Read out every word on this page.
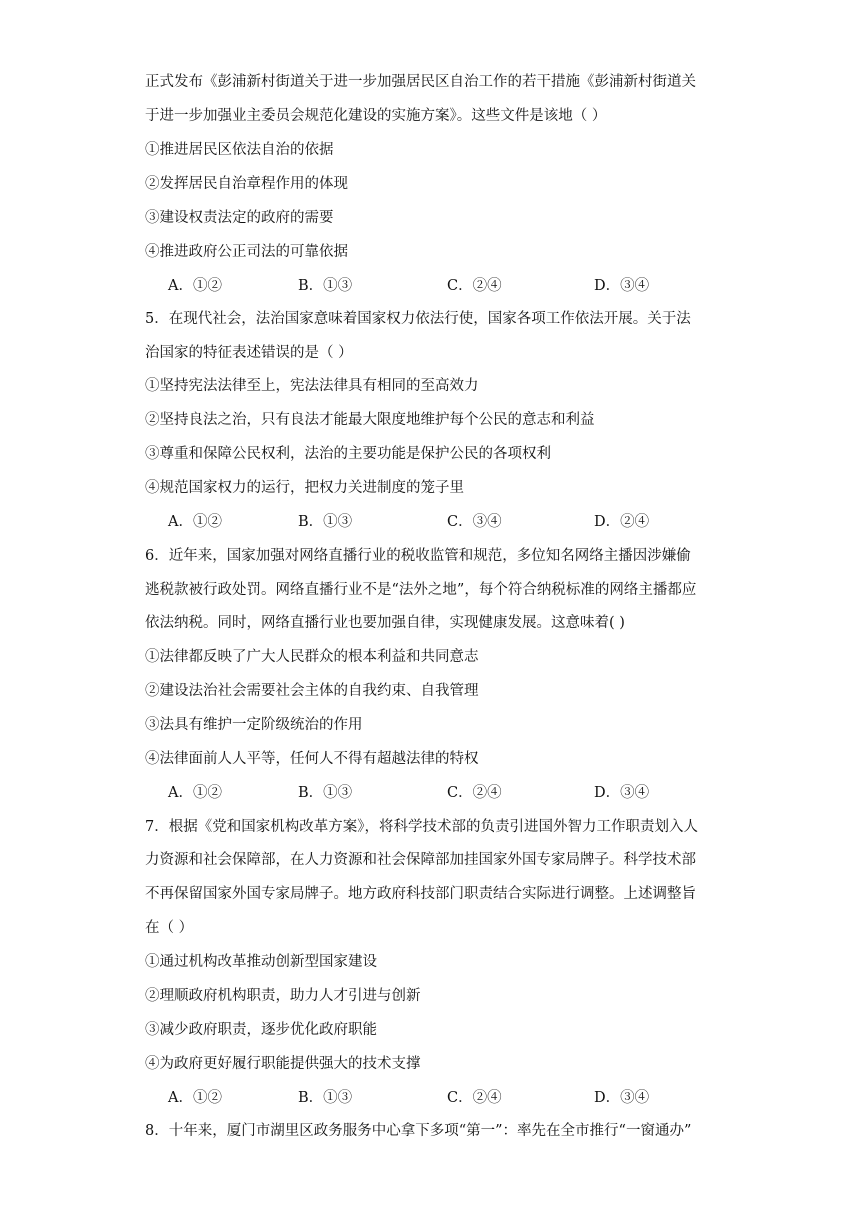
正式发布《彭浦新村街道关于进一步加强居民区自治工作的若干措施《彭浦新村街道关
于进一步加强业主委员会规范化建设的实施方案》。这些文件是该地（ ）
①推进居民区依法自治的依据
②发挥居民自治章程作用的体现
③建设权责法定的政府的需要
④推进政府公正司法的可靠依据
A．①②	B．①③	C．②④	D．③④
5．在现代社会，法治国家意味着国家权力依法行使，国家各项工作依法开展。关于法
治国家的特征表述错误的是（ ）
①坚持宪法法律至上，宪法法律具有相同的至高效力
②坚持良法之治，只有良法才能最大限度地维护每个公民的意志和利益
③尊重和保障公民权利，法治的主要功能是保护公民的各项权利
④规范国家权力的运行，把权力关进制度的笼子里
A．①②	B．①③	C．③④	D．②④
6．近年来，国家加强对网络直播行业的税收监管和规范，多位知名网络主播因涉嫌偷
逃税款被行政处罚。网络直播行业不是“法外之地”，每个符合纳税标准的网络主播都应
依法纳税。同时，网络直播行业也要加强自律，实现健康发展。这意味着( )
①法律都反映了广大人民群众的根本利益和共同意志
②建设法治社会需要社会主体的自我约束、自我管理
③法具有维护一定阶级统治的作用
④法律面前人人平等，任何人不得有超越法律的特权
A．①②	B．①③	C．②④	D．③④
7．根据《党和国家机构改革方案》，将科学技术部的负责引进国外智力工作职责划入人
力资源和社会保障部，在人力资源和社会保障部加挂国家外国专家局牌子。科学技术部
不再保留国家外国专家局牌子。地方政府科技部门职责结合实际进行调整。上述调整旨
在（ ）
①通过机构改革推动创新型国家建设
②理顺政府机构职责，助力人才引进与创新
③减少政府职责，逐步优化政府职能
④为政府更好履行职能提供强大的技术支撑
A．①②	B．①③	C．②④	D．③④
8．十年来，厦门市湖里区政务服务中心拿下多项“第一”：率先在全市推行“一窗通办”
